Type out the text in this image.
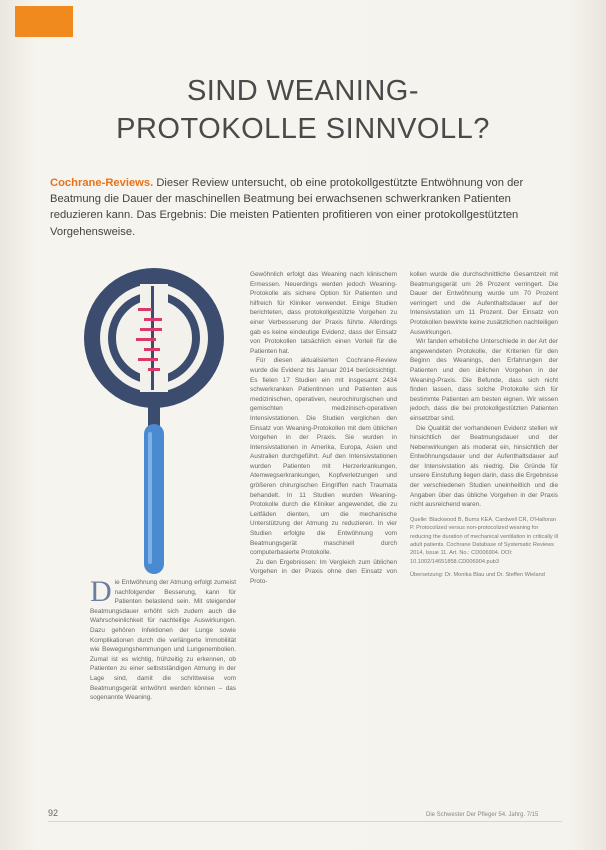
SIND WEANING-
PROTOKOLLE SINNVOLL?

Cochrane-Reviews. Dieser Review untersucht, ob eine protokollgestützte Entwöhnung von der Beatmung die Dauer der maschinellen Beatmung bei erwachsenen schwerkranken Patienten reduzieren kann. Das Ergebnis: Die meisten Patienten profitieren von einer protokollgestützten Vorgehensweise.

Die Entwöhnung der Atmung erfolgt zumeist nachfolgender Besserung, kann für Patienten belastend sein. Mit steigender Beatmungsdauer erhöht sich zudem auch die Wahrscheinlichkeit für nachteilige Auswirkungen. Dazu gehören Infektionen der Lunge sowie Komplikationen durch die verlängerte Immobilität wie Bewegungshemmungen und Lungenembolien. Zumal ist es wichtig, frühzeitig zu erkennen, ob Patienten zu einer selbstständigen Atmung in der Lage sind, damit die schrittweise vom Beatmungsgerät entwöhnt werden können – das sogenannte Weaning.

Gewöhnlich erfolgt das Weaning nach klinischem Ermessen. Neuerdings werden jedoch Weaning-Protokolle als sichere Option für Patienten und hilfreich für Kliniker verwendet. Einige Studien berichteten, dass protokollgestützte Vorgehen zu einer Verbesserung der Praxis führte. Allerdings gab es keine eindeutige Evidenz, dass der Einsatz von Protokollen tatsächlich einen Vorteil für die Patienten hat.

Für diesen aktualisierten Cochrane-Review wurde die Evidenz bis Januar 2014 berücksichtigt. Es fielen 17 Studien ein mit insgesamt 2434 schwerkranken Patientinnen und Patienten aus medizinischen, operativen, neurochirurgischen und gemischten medizinisch-operativen Intensivstationen. Die Studien verglichen den Einsatz von Weaning-Protokollen mit dem üblichen Vorgehen in der Praxis. Sie wurden in Intensivstationen in Amerika, Europa, Asien und Australien durchgeführt. Auf den Intensivstationen wurden Patienten mit Herzerkrankungen, Atemwegserkrankungen, Kopfverletzungen und größeren chirurgischen Eingriffen nach Traumata behandelt. In 11 Studien wurden Weaning-Protokolle durch die Kliniker angewendet, die zu Leitfäden dienten, um die mechanische Unterstützung der Atmung zu reduzieren. In vier Studien erfolgte die Entwöhnung vom Beatmungsgerät maschinell durch computerbasierte Protokolle.

Zu den Ergebnissen: Im Vergleich zum üblichen Vorgehen in der Praxis ohne den Einsatz von Proto-

kollen wurde die durchschnittliche Gesamtzeit mit Beatmungsgerät um 26 Prozent verringert. Die Dauer der Entwöhnung wurde um 70 Prozent verringert und die Aufenthaltsdauer auf der Intensivstation um 11 Prozent. Der Einsatz von Protokollen bewirkte keine zusätzlichen nachteiligen Auswirkungen.

Wir fanden erhebliche Unterschiede in der Art der angewendeten Protokolle, der Kriterien für den Beginn des Weanings, den Erfahrungen der Patienten und den üblichen Vorgehen in der Weaning-Praxis. Die Befunde, dass sich nicht finden lassen, dass solche Protokolle sich für bestimmte Patienten am besten eignen. Wir wissen jedoch, dass die bei protokollgestützten Patienten einsetzbar sind.

Die Qualität der vorhandenen Evidenz stellen wir hinsichtlich der Beatmungsdauer und der Nebenwirkungen als moderat ein, hinsichtlich der Entwöhnungsdauer und der Aufenthaltsdauer auf der Intensivstation als niedrig. Die Gründe für unsere Einstufung liegen darin, dass die Ergebnisse der verschiedenen Studien uneinheitlich und die Angaben über das übliche Vorgehen in der Praxis nicht ausreichend waren.

Quelle: Blackwood B, Burns KEA, Cardwell CR, O'Halloran P. Protocolized versus non-protocolized weaning for reducing the duration of mechanical ventilation in critically ill adult patients. Cochrane Database of Systematic Reviews 2014, Issue 11. Art. No.: CD006904. DOI: 10.1002/14651858.CD006904.pub3

Übersetzung: Dr. Monika Blau und Dr. Steffen Wieland

92	Die Schwester Der Pfleger 54. Jahrg. 7/15
